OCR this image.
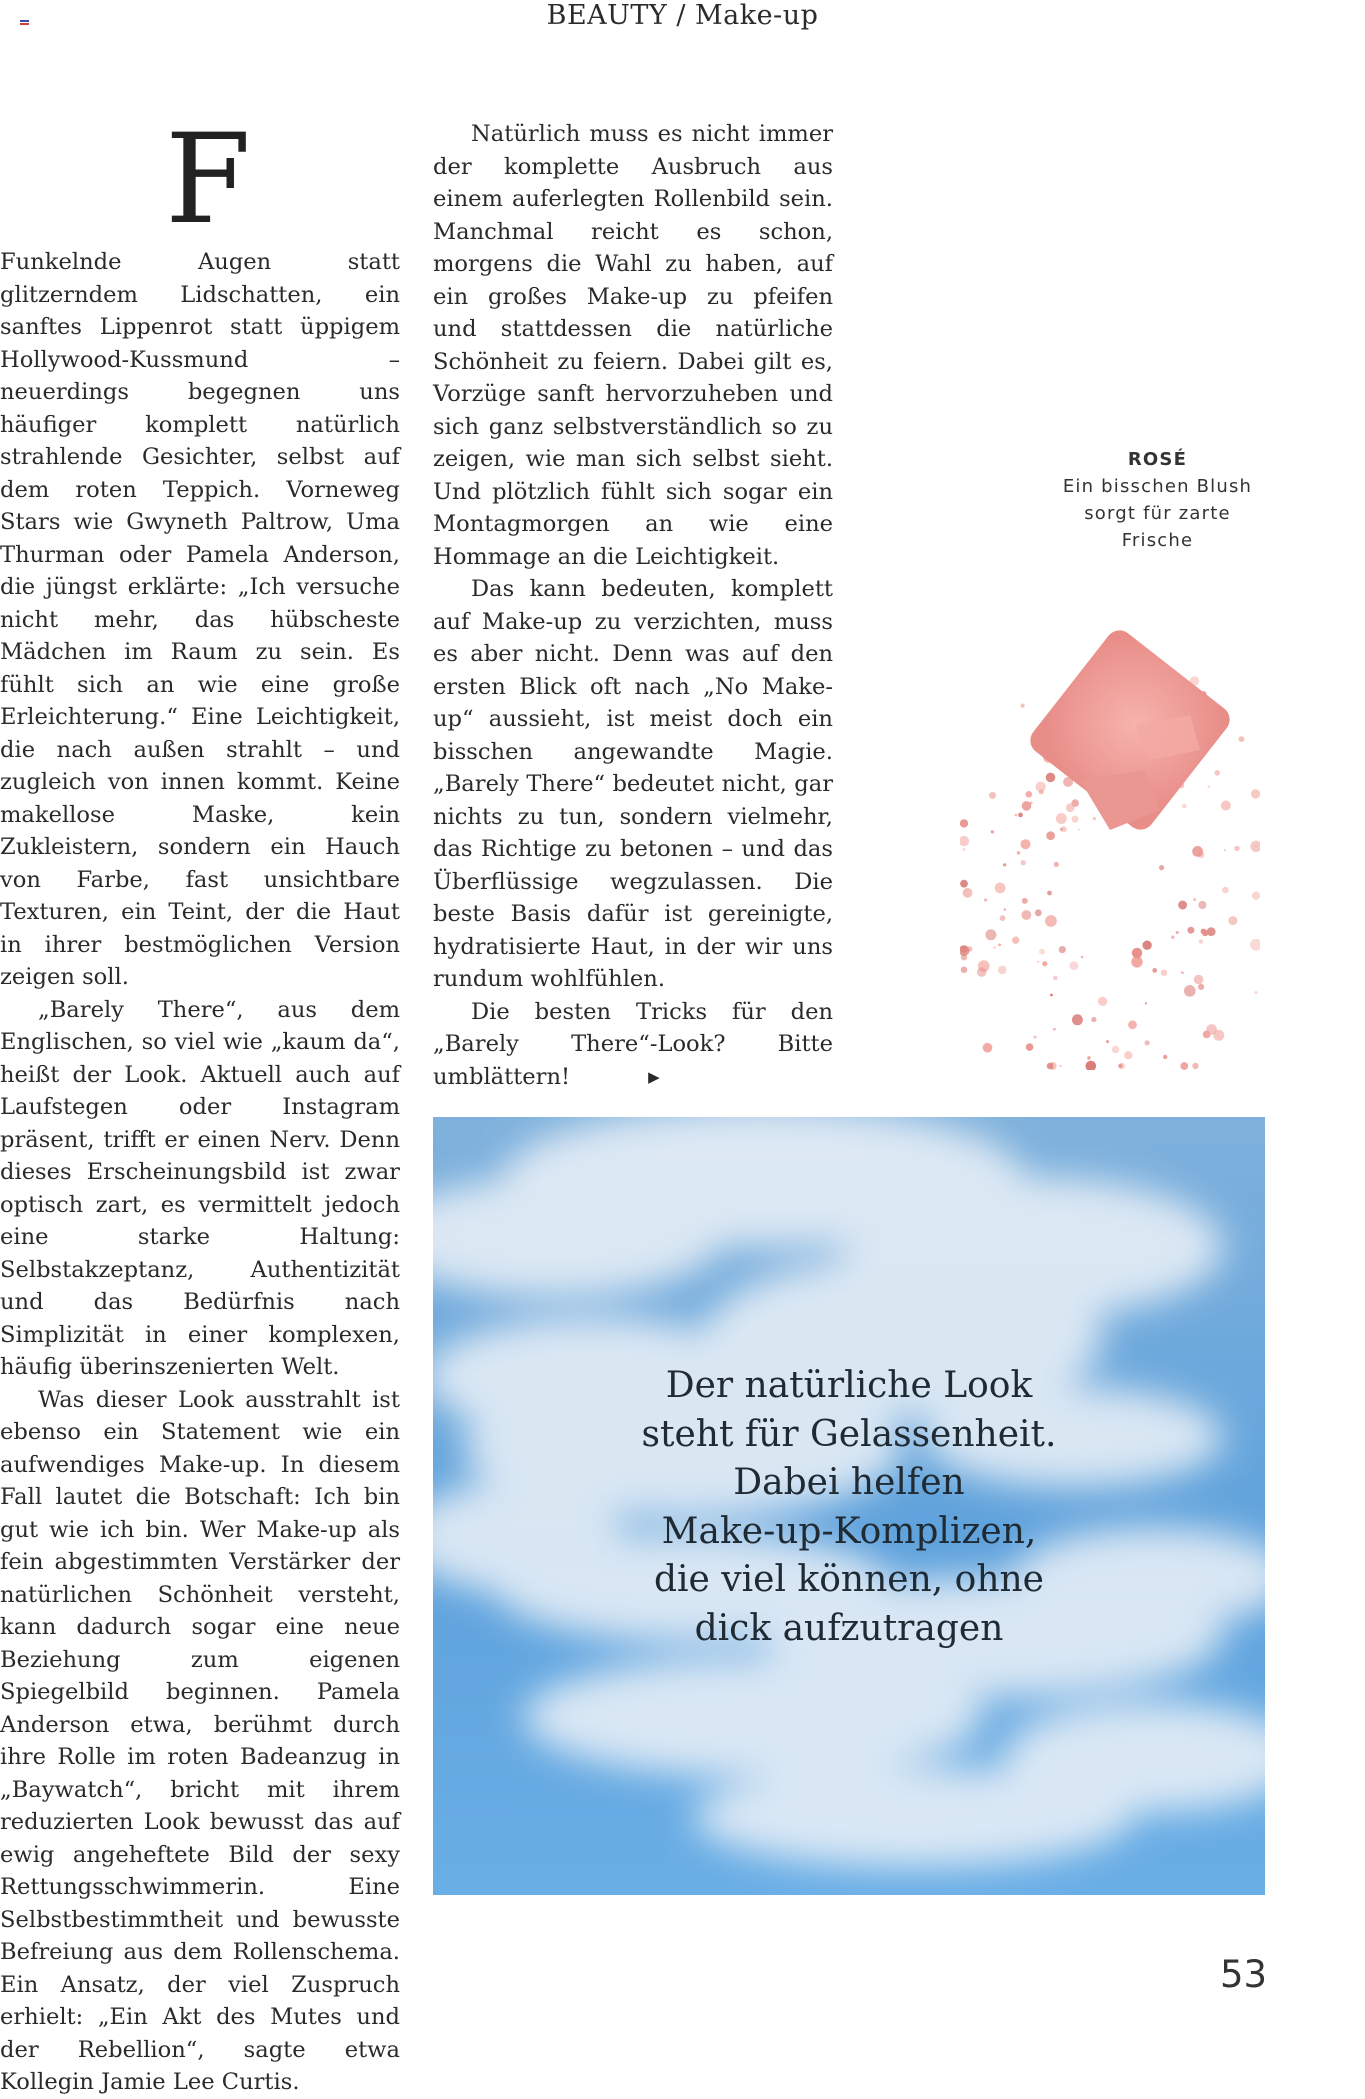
BEAUTY / Make-up
F

Funkelnde Augen statt glitzerndem Lidschatten, ein sanftes Lippenrot statt üppigem Hollywood-Kussmund – neuerdings begegnen uns häufiger komplett natürlich strahlende Gesichter, selbst auf dem roten Teppich. Vorneweg Stars wie Gwyneth Paltrow, Uma Thurman oder Pamela Anderson, die jüngst erklärte: „Ich versuche nicht mehr, das hübscheste Mädchen im Raum zu sein. Es fühlt sich an wie eine große Erleichterung.“ Eine Leichtigkeit, die nach außen strahlt – und zugleich von innen kommt. Keine makellose Maske, kein Zukleistern, sondern ein Hauch von Farbe, fast unsichtbare Texturen, ein Teint, der die Haut in ihrer bestmöglichen Version zeigen soll.

„Barely There“, aus dem Englischen, so viel wie „kaum da“, heißt der Look. Aktuell auch auf Laufstegen oder Instagram präsent, trifft er einen Nerv. Denn dieses Erscheinungsbild ist zwar optisch zart, es vermittelt jedoch eine starke Haltung: Selbstakzeptanz, Authentizität und das Bedürfnis nach Simplizität in einer komplexen, häufig überinszenierten Welt.

Was dieser Look ausstrahlt ist ebenso ein Statement wie ein aufwendiges Make-up. In diesem Fall lautet die Botschaft: Ich bin gut wie ich bin. Wer Make-up als fein abgestimmten Verstärker der natürlichen Schönheit versteht, kann dadurch sogar eine neue Beziehung zum eigenen Spiegelbild beginnen. Pamela Anderson etwa, berühmt durch ihre Rolle im roten Badeanzug in „Baywatch“, bricht mit ihrem reduzierten Look bewusst das auf ewig angeheftete Bild der sexy Rettungsschwimmerin. Eine Selbstbestimmtheit und bewusste Befreiung aus dem Rollenschema. Ein Ansatz, der viel Zuspruch erhielt: „Ein Akt des Mutes und der Rebellion“, sagte etwa Kollegin Jamie Lee Curtis.

Natürlich muss es nicht immer der komplette Ausbruch aus einem auferlegten Rollenbild sein. Manchmal reicht es schon, morgens die Wahl zu haben, auf ein großes Make-up zu pfeifen und stattdessen die natürliche Schönheit zu feiern. Dabei gilt es, Vorzüge sanft hervorzuheben und sich ganz selbstverständlich so zu zeigen, wie man sich selbst sieht. Und plötzlich fühlt sich sogar ein Montagmorgen an wie eine Hommage an die Leichtigkeit.

Das kann bedeuten, komplett auf Make-up zu verzichten, muss es aber nicht. Denn was auf den ersten Blick oft nach „No Make-up“ aussieht, ist meist doch ein bisschen angewandte Magie. „Barely There“ bedeutet nicht, gar nichts zu tun, sondern vielmehr, das Richtige zu betonen – und das Überflüssige wegzulassen. Die beste Basis dafür ist gereinigte, hydratisierte Haut, in der wir uns rundum wohlfühlen.

Die besten Tricks für den „Barely There“-Look? Bitte umblättern!	▶

ROSÉ
Ein bisschen Blush
sorgt für zarte
Frische
Der natürliche Look
steht für Gelassenheit.
Dabei helfen
Make-up-Komplizen,
die viel können, ohne
dick aufzutragen
53
